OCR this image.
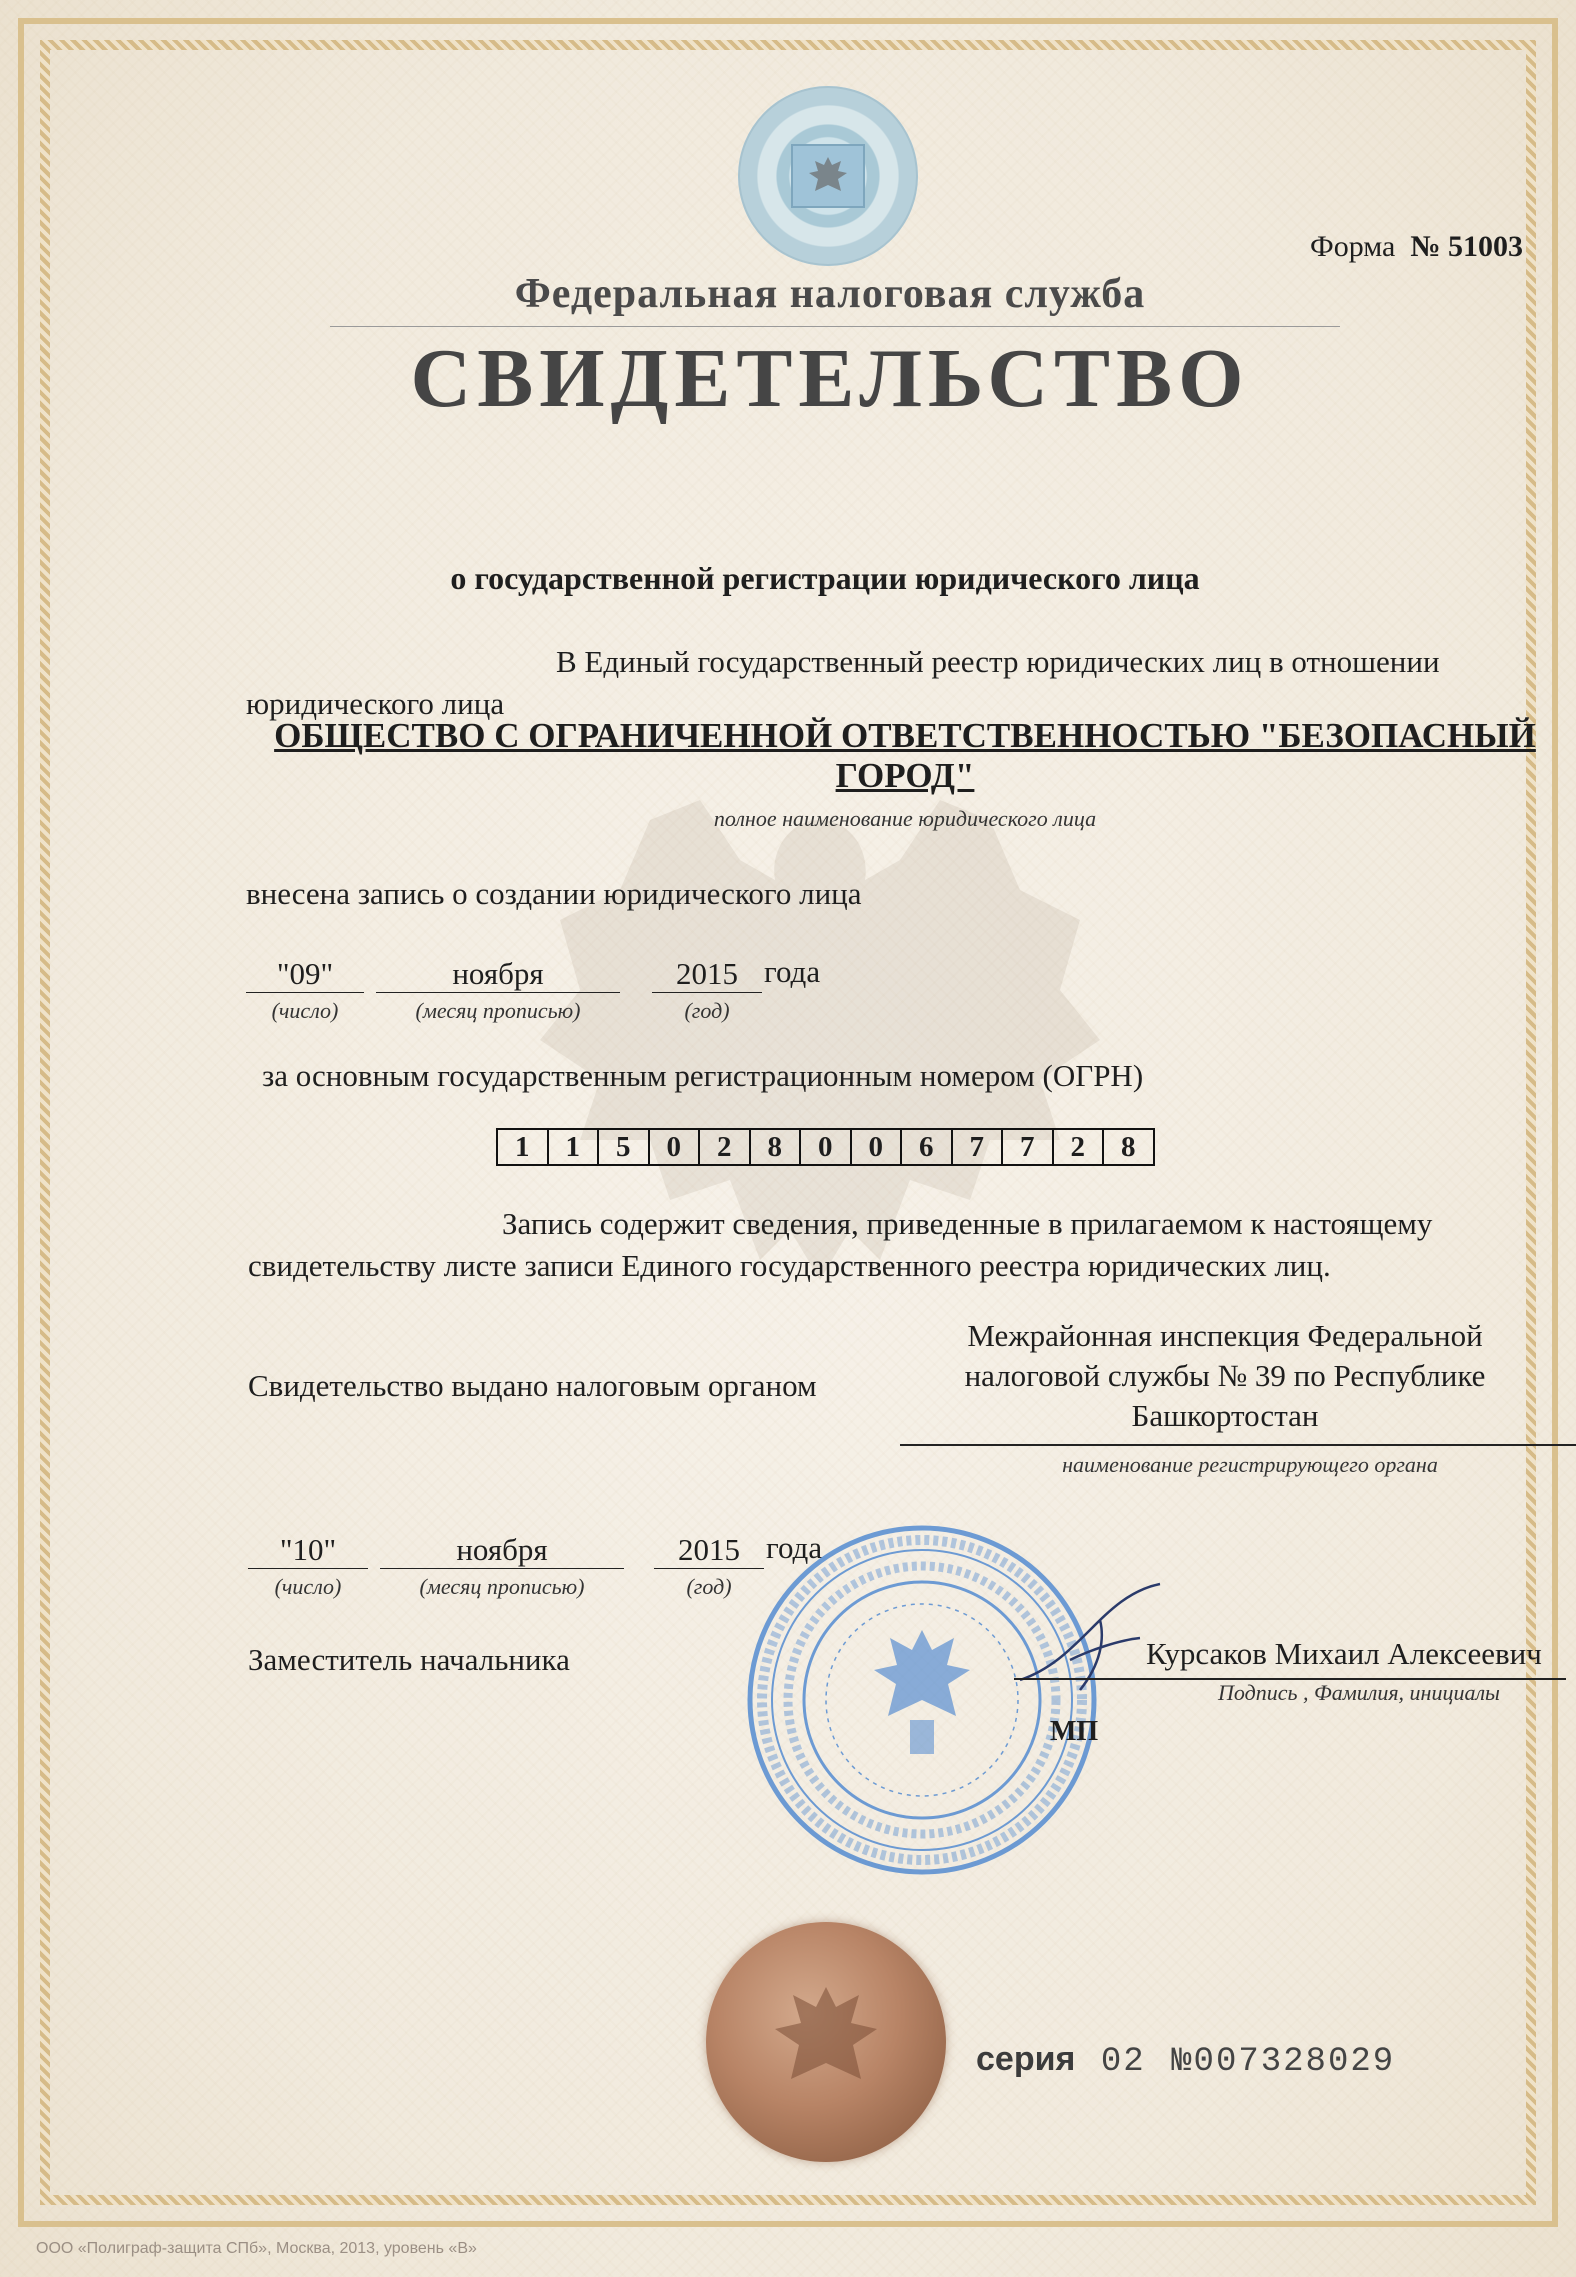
Форма № 51003
Федеральная налоговая служба
СВИДЕТЕЛЬСТВО
о государственной регистрации юридического лица
В Единый государственный реестр юридических лиц в отношении
юридического лица
ОБЩЕСТВО С ОГРАНИЧЕННОЙ ОТВЕТСТВЕННОСТЬЮ "БЕЗОПАСНЫЙ ГОРОД"
полное наименование юридического лица
внесена запись о создании юридического лица
"09"	ноября	2015 года
(число)	(месяц прописью)	(год)
за основным государственным регистрационным номером (ОГРН)
1	1	5	0	2	8	0	0	6	7	7	2	8
Запись содержит сведения, приведенные в прилагаемом к настоящему
свидетельству листе записи Единого государственного реестра юридических лиц.
Свидетельство выдано налоговым органом
Межрайонная инспекция Федеральной
налоговой службы № 39 по Республике
Башкортостан
наименование регистрирующего органа
"10"	ноября	2015 года
(число)	(месяц прописью)	(год)
Заместитель начальника	Курсаков Михаил Алексеевич
Подпись , Фамилия, инициалы
МП
серия 02 №007328029
ООО «Полиграф-защита СПб», Москва, 2013, уровень «В»
